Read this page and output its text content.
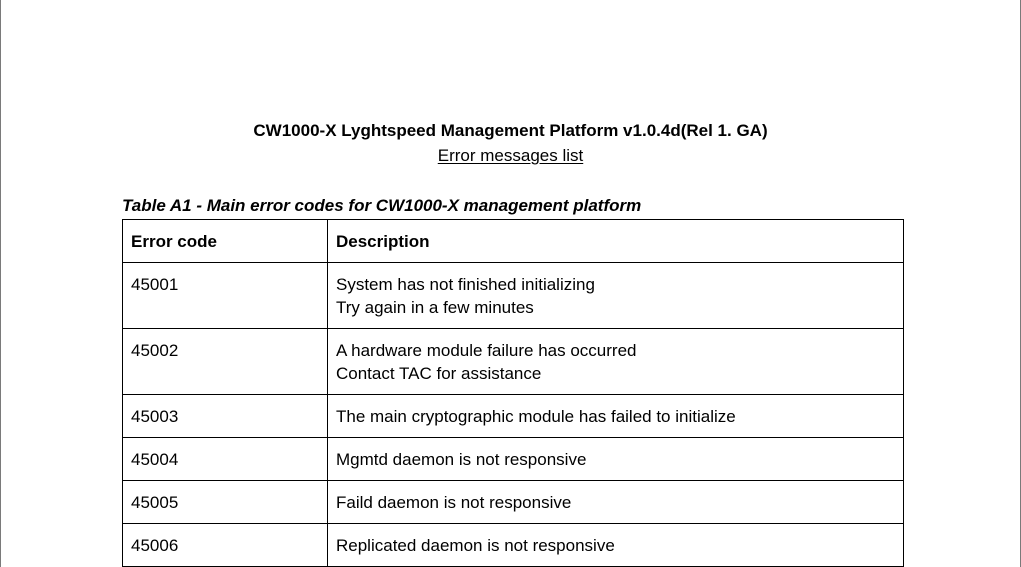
CW1000-X Lyghtspeed Management Platform v1.0.4d(Rel 1. GA)
Error messages list
Table A1 - Main error codes for CW1000-X management platform
Error code	Description
45001	System has not finished initializing
Try again in a few minutes

45002	A hardware module failure has occurred
Contact TAC for assistance

45003	The main cryptographic module has failed to initialize
45004	Mgmtd daemon is not responsive
45005	Faild daemon is not responsive
45006	Replicated daemon is not responsive
